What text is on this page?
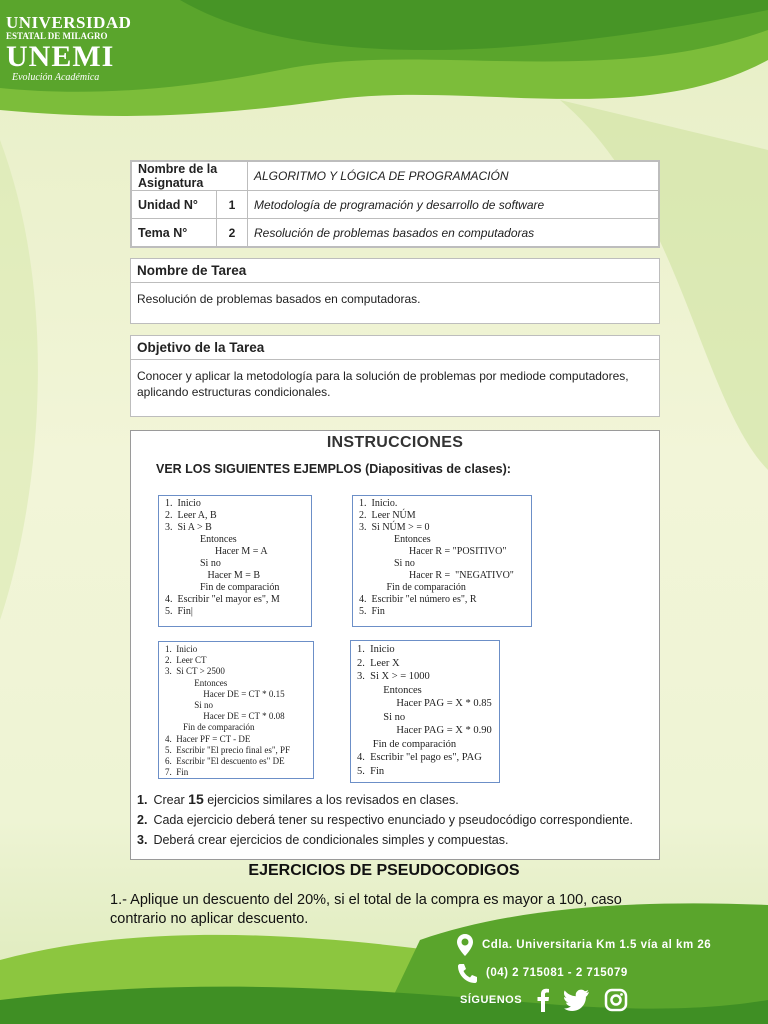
UNIVERSIDAD
ESTATAL DE MILAGRO
UNEMI
Evolución Académica
Nombre de la Asignatura		ALGORITMO Y LÓGICA DE PROGRAMACIÓN
Unidad N°	1	Metodología de programación y desarrollo de software
Tema N°	2	Resolución de problemas basados en computadoras
Nombre de Tarea
Resolución de problemas basados en computadoras.
Objetivo de la Tarea
Conocer y aplicar la metodología para la solución de problemas por mediode computadores, aplicando estructuras condicionales.
INSTRUCCIONES
VER LOS SIGUIENTES EJEMPLOS (Diapositivas de clases):
1.  Inicio
2.  Leer A, B
3.  Si A > B
Entonces
Hacer M = A
Si no
Hacer M = B
Fin de comparación
4.  Escribir "el mayor es", M
5.  Fin|
1.  Inicio.
2.  Leer NÚM
3.  Si NÚM > = 0
Entonces
Hacer R = "POSITIVO"
Si no
Hacer R =  "NEGATIVO"
Fin de comparación
4.  Escribir "el número es", R
5.  Fin
1.  Inicio
2.  Leer CT
3.  Si CT > 2500
Entonces
Hacer DE = CT * 0.15
Si no
Hacer DE = CT * 0.08
Fin de comparación
4.  Hacer PF = CT - DE
5.  Escribir "El precio final es", PF
6.  Escribir "El descuento es" DE
7.  Fin
1.  Inicio
2.  Leer X
3.  Si X > = 1000
Entonces
Hacer PAG = X * 0.85
Si no
Hacer PAG = X * 0.90
Fin de comparación
4.  Escribir "el pago es", PAG
5.  Fin
1. Crear 15 ejercicios similares a los revisados en clases.
2. Cada ejercicio deberá tener su respectivo enunciado y pseudocódigo correspondiente.
3. Deberá crear ejercicios de condicionales simples y compuestas.
EJERCICIOS DE PSEUDOCODIGOS
1.- Aplique un descuento del 20%, si el total de la compra es mayor a 100, caso contrario no aplicar descuento.
Cdla. Universitaria Km 1.5 vía al km 26
(04) 2 715081 - 2 715079
SÍGUENOS
